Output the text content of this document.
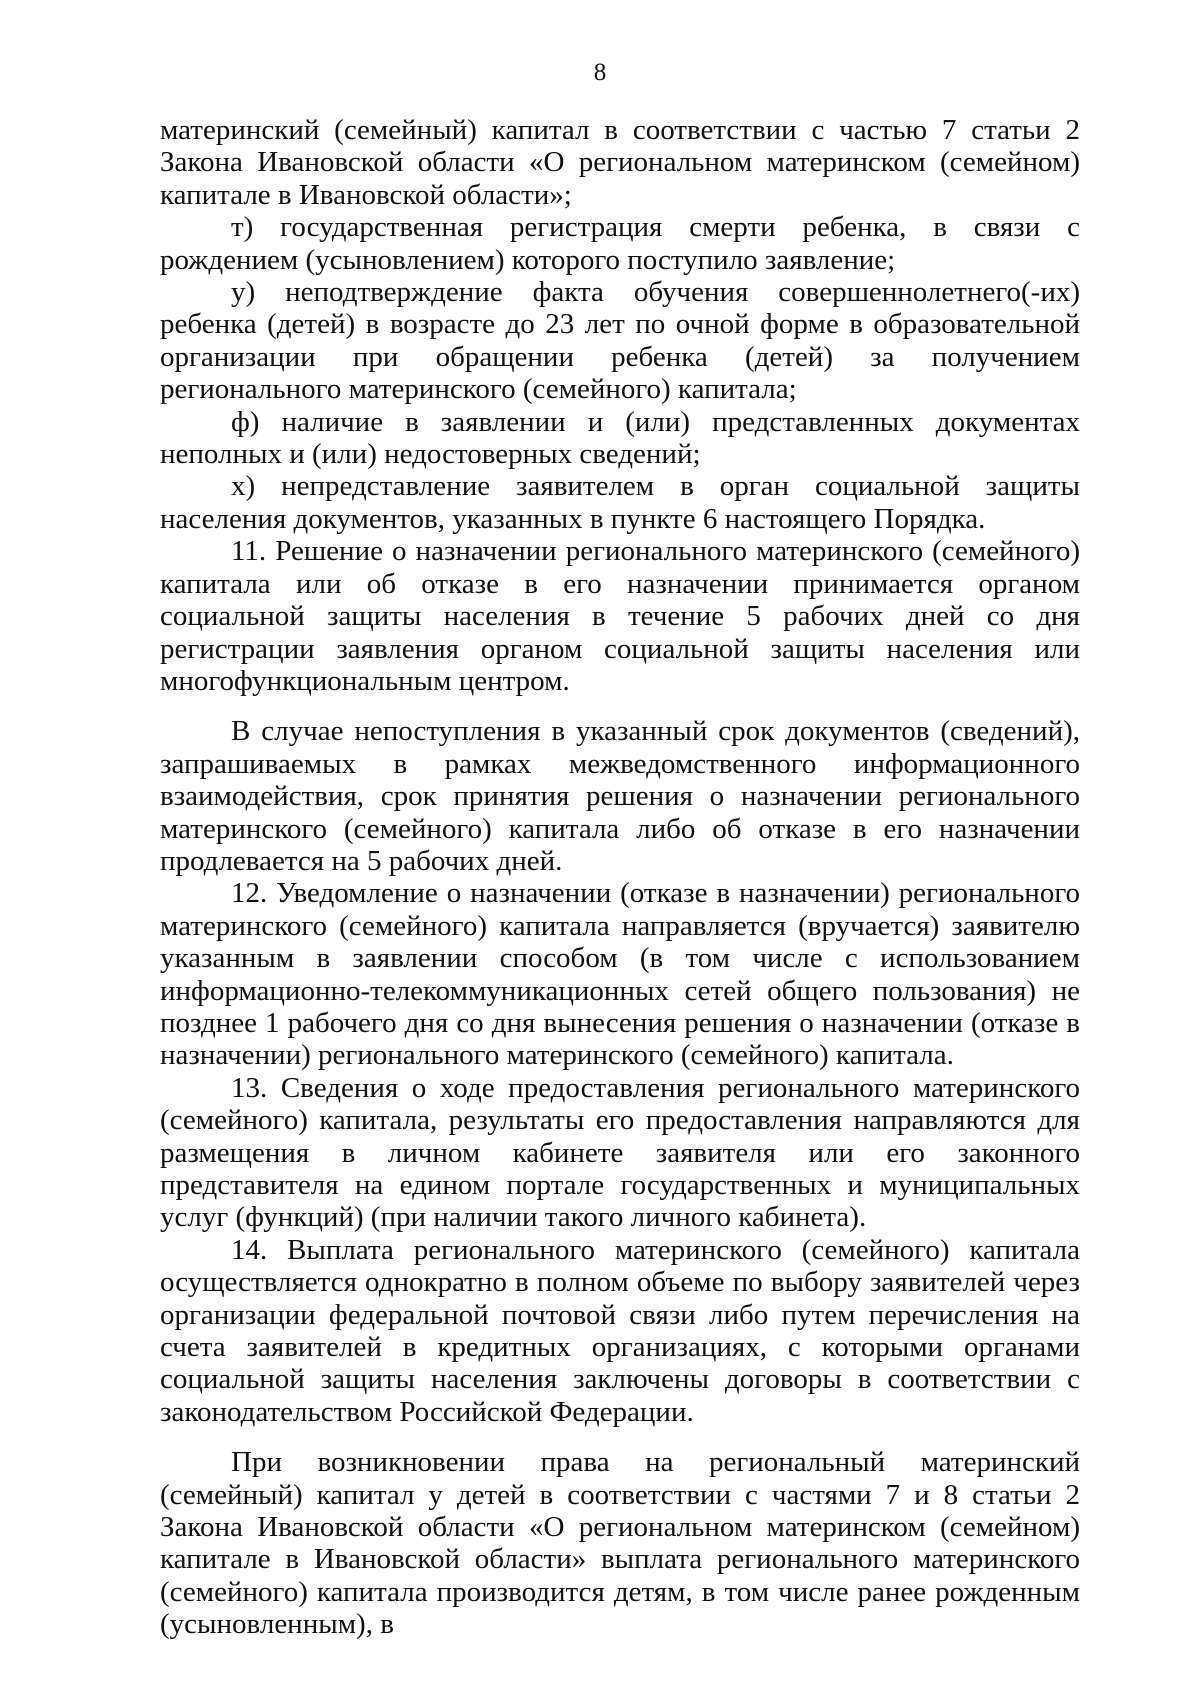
8

материнский (семейный) капитал в соответствии с частью 7 статьи 2 Закона Ивановской области «О региональном материнском (семейном) капитале в Ивановской области»;

т) государственная регистрация смерти ребенка, в связи с рождением (усыновлением) которого поступило заявление;

у) неподтверждение факта обучения совершеннолетнего(-их) ребенка (детей) в возрасте до 23 лет по очной форме в образовательной организации при обращении ребенка (детей) за получением регионального материнского (семейного) капитала;

ф) наличие в заявлении и (или) представленных документах неполных и (или) недостоверных сведений;

х) непредставление заявителем в орган социальной защиты населения документов, указанных в пункте 6 настоящего Порядка.

11. Решение о назначении регионального материнского (семейного) капитала или об отказе в его назначении принимается органом социальной защиты населения в течение 5 рабочих дней со дня регистрации заявления органом социальной защиты населения или многофункциональным центром.

В случае непоступления в указанный срок документов (сведений), запрашиваемых в рамках межведомственного информационного взаимодействия, срок принятия решения о назначении регионального материнского (семейного) капитала либо об отказе в его назначении продлевается на 5 рабочих дней.

12. Уведомление о назначении (отказе в назначении) регионального материнского (семейного) капитала направляется (вручается) заявителю указанным в заявлении способом (в том числе с использованием информационно-телекоммуникационных сетей общего пользования) не позднее 1 рабочего дня со дня вынесения решения о назначении (отказе в назначении) регионального материнского (семейного) капитала.

13. Сведения о ходе предоставления регионального материнского (семейного) капитала, результаты его предоставления направляются для размещения в личном кабинете заявителя или его законного представителя на едином портале государственных и муниципальных услуг (функций) (при наличии такого личного кабинета).

14. Выплата регионального материнского (семейного) капитала осуществляется однократно в полном объеме по выбору заявителей через организации федеральной почтовой связи либо путем перечисления на счета заявителей в кредитных организациях, с которыми органами социальной защиты населения заключены договоры в соответствии с законодательством Российской Федерации.

При возникновении права на региональный материнский (семейный) капитал у детей в соответствии с частями 7 и 8 статьи 2 Закона Ивановской области «О региональном материнском (семейном) капитале в Ивановской области» выплата регионального материнского (семейного) капитала производится детям, в том числе ранее рожденным (усыновленным), в
